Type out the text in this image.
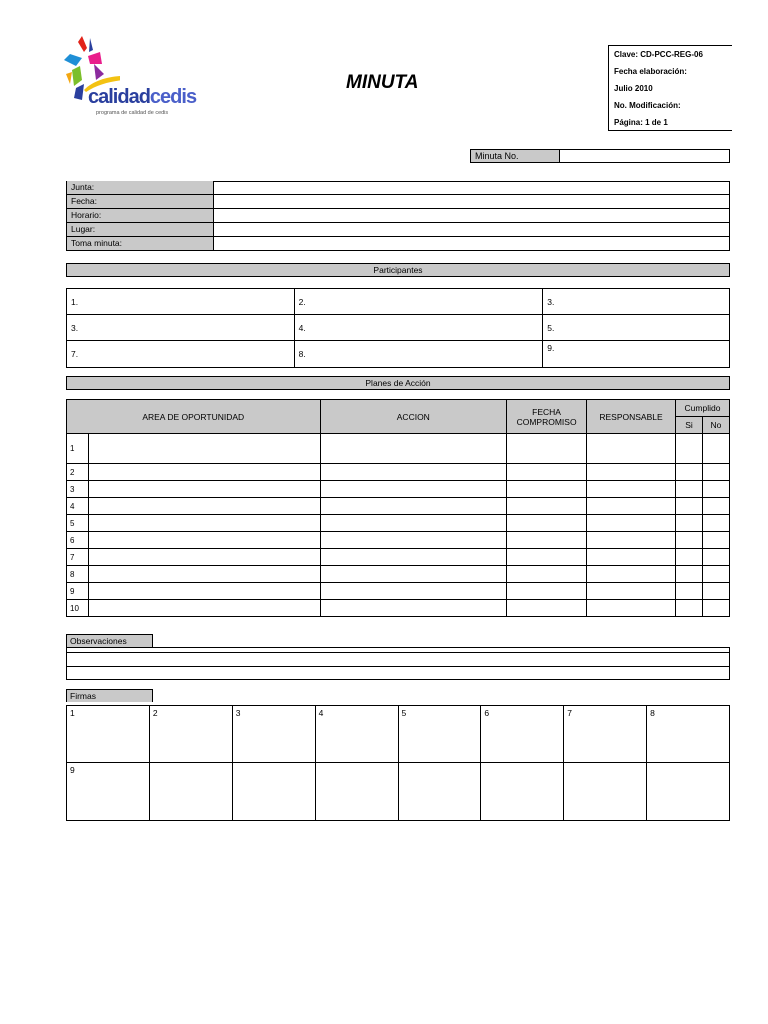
calidadcedis
programa de calidad de cedis
MINUTA
Clave: CD-PCC-REG-06
Fecha elaboración:
Julio 2010
No. Modificación:
Página: 1 de 1
Minuta No.
Junta:
Fecha:
Horario:
Lugar:
Toma minuta:
Participantes
1.	2.	3.
3.	4.	5.
7.	8.	9.
Planes de Acción
AREA DE OPORTUNIDAD		ACCION	FECHA COMPROMISO	RESPONSABLE	Cumplido	
					Si	No
1						
2						
3						
4						
5						
6						
7						
8						
9						
10						
Observaciones
Firmas
1	2	3	4	5	6	7	8
9							
